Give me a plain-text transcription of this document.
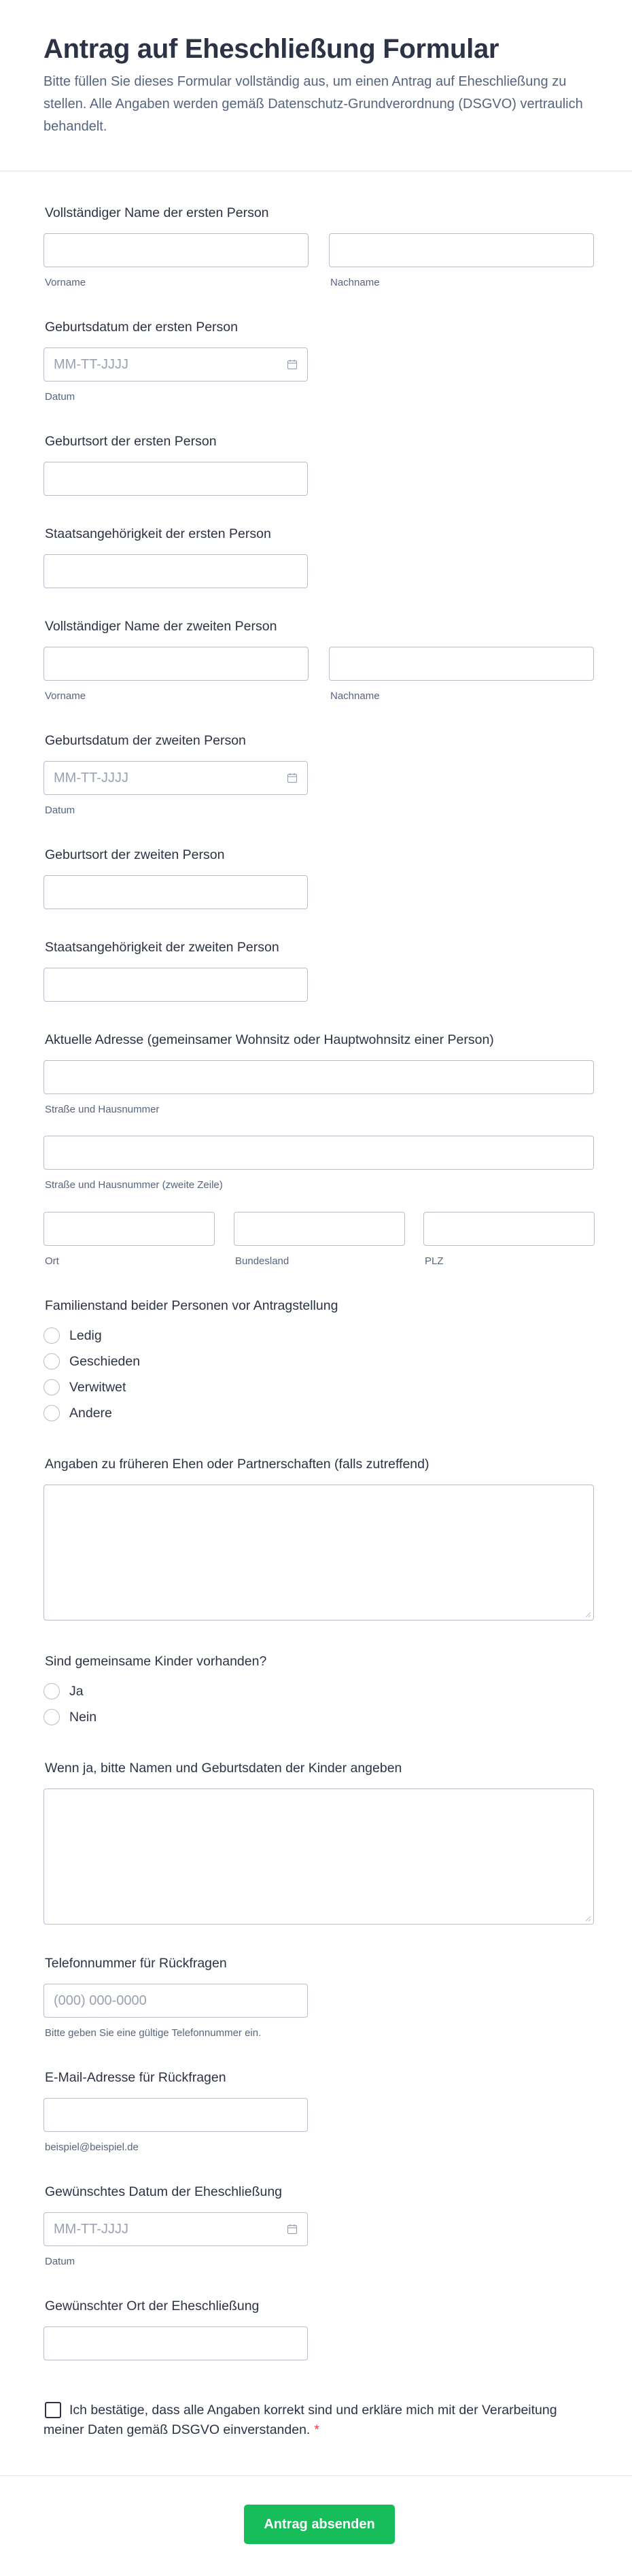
Antrag auf Eheschließung Formular

Bitte füllen Sie dieses Formular vollständig aus, um einen Antrag auf Eheschließung zu stellen. Alle Angaben werden gemäß Datenschutz-Grundverordnung (DSGVO) vertraulich behandelt.

Vollständiger Name der ersten Person
Vorname	Nachname
Geburtsdatum der ersten Person
MM-TT-JJJJ
Datum
Geburtsort der ersten Person
Staatsangehörigkeit der ersten Person
Vollständiger Name der zweiten Person
Vorname	Nachname
Geburtsdatum der zweiten Person
MM-TT-JJJJ
Datum
Geburtsort der zweiten Person
Staatsangehörigkeit der zweiten Person
Aktuelle Adresse (gemeinsamer Wohnsitz oder Hauptwohnsitz einer Person)
Straße und Hausnummer
Straße und Hausnummer (zweite Zeile)
Ort	Bundesland	PLZ
Familienstand beider Personen vor Antragstellung
Ledig
Geschieden
Verwitwet
Andere
Angaben zu früheren Ehen oder Partnerschaften (falls zutreffend)
Sind gemeinsame Kinder vorhanden?
Ja
Nein
Wenn ja, bitte Namen und Geburtsdaten der Kinder angeben
Telefonnummer für Rückfragen
(000) 000-0000
Bitte geben Sie eine gültige Telefonnummer ein.
E-Mail-Adresse für Rückfragen
beispiel@beispiel.de
Gewünschtes Datum der Eheschließung
MM-TT-JJJJ
Datum
Gewünschter Ort der Eheschließung
Ich bestätige, dass alle Angaben korrekt sind und erkläre mich mit der Verarbeitung meiner Daten gemäß DSGVO einverstanden. *
Antrag absenden
